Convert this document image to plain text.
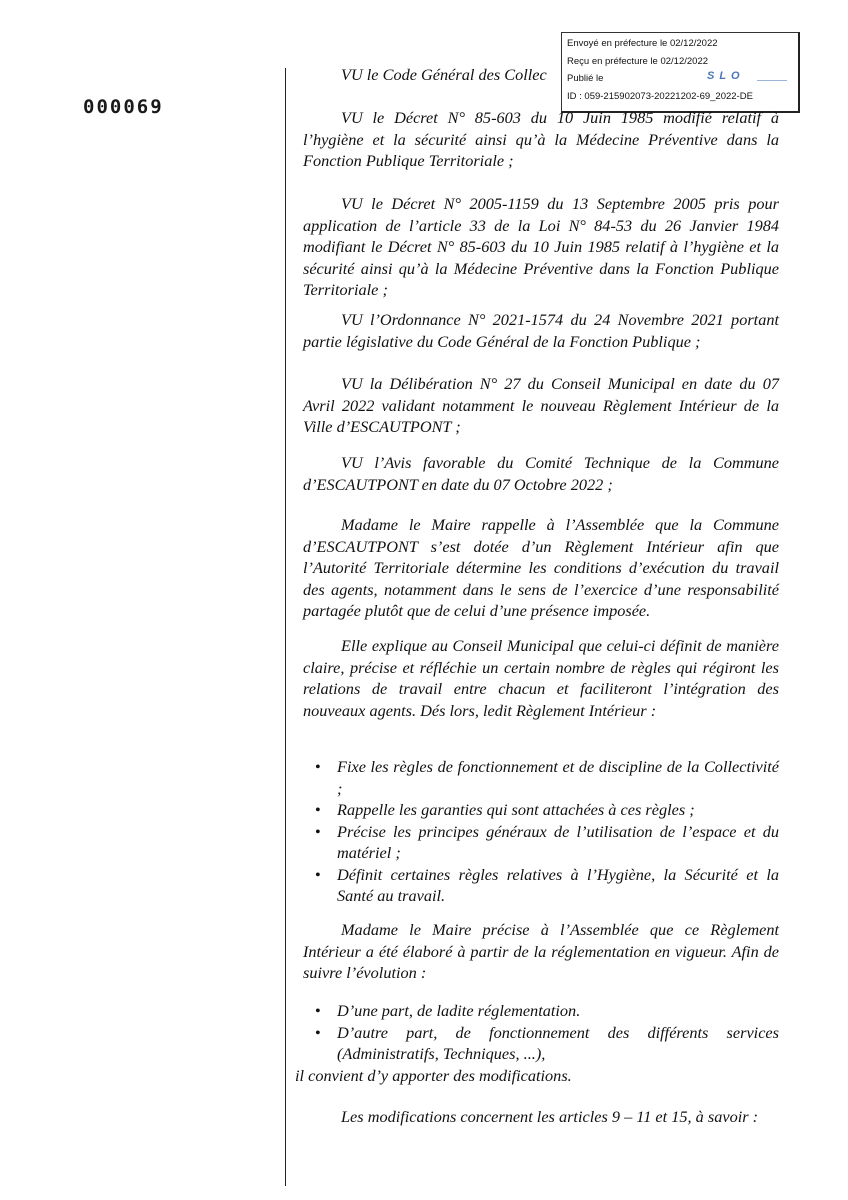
000069
Envoyé en préfecture le 02/12/2022
Reçu en préfecture le 02/12/2022
Publié le	S L O
ID : 059-215902073-20221202-69_2022-DE

VU le Code Général des Collec

VU le Décret N° 85-603 du 10 Juin 1985 modifié relatif à l’hygiène et la sécurité ainsi qu’à la Médecine Préventive dans la Fonction Publique Territoriale ;

VU le Décret N° 2005-1159 du 13 Septembre 2005 pris pour application de l’article 33 de la Loi N° 84-53 du 26 Janvier 1984 modifiant le Décret N° 85-603 du 10 Juin 1985 relatif à l’hygiène et la sécurité ainsi qu’à la Médecine Préventive dans la Fonction Publique Territoriale ;

VU l’Ordonnance N° 2021-1574 du 24 Novembre 2021 portant partie législative du Code Général de la Fonction Publique ;

VU la Délibération N° 27 du Conseil Municipal en date du 07 Avril 2022 validant notamment le nouveau Règlement Intérieur de la Ville d’ESCAUTPONT ;

VU l’Avis favorable du Comité Technique de la Commune d’ESCAUTPONT en date du 07 Octobre 2022 ;

Madame le Maire rappelle à l’Assemblée que la Commune d’ESCAUTPONT s’est dotée d’un Règlement Intérieur afin que l’Autorité Territoriale détermine les conditions d’exécution du travail des agents, notamment dans le sens de l’exercice d’une responsabilité partagée plutôt que de celui d’une présence imposée.

Elle explique au Conseil Municipal que celui-ci définit de manière claire, précise et réfléchie un certain nombre de règles qui régiront les relations de travail entre chacun et faciliteront l’intégration des nouveaux agents. Dés lors, ledit Règlement Intérieur :

• Fixe les règles de fonctionnement et de discipline de la Collectivité ;
• Rappelle les garanties qui sont attachées à ces règles ;
• Précise les principes généraux de l’utilisation de l’espace et du matériel ;
• Définit certaines règles relatives à l’Hygiène, la Sécurité et la Santé au travail.

Madame le Maire précise à l’Assemblée que ce Règlement Intérieur a été élaboré à partir de la réglementation en vigueur. Afin de suivre l’évolution :

• D’une part, de ladite réglementation.
• D’autre part, de fonctionnement des différents services (Administratifs, Techniques, ...),
il convient d’y apporter des modifications.

Les modifications concernent les articles 9 – 11 et 15, à savoir :
